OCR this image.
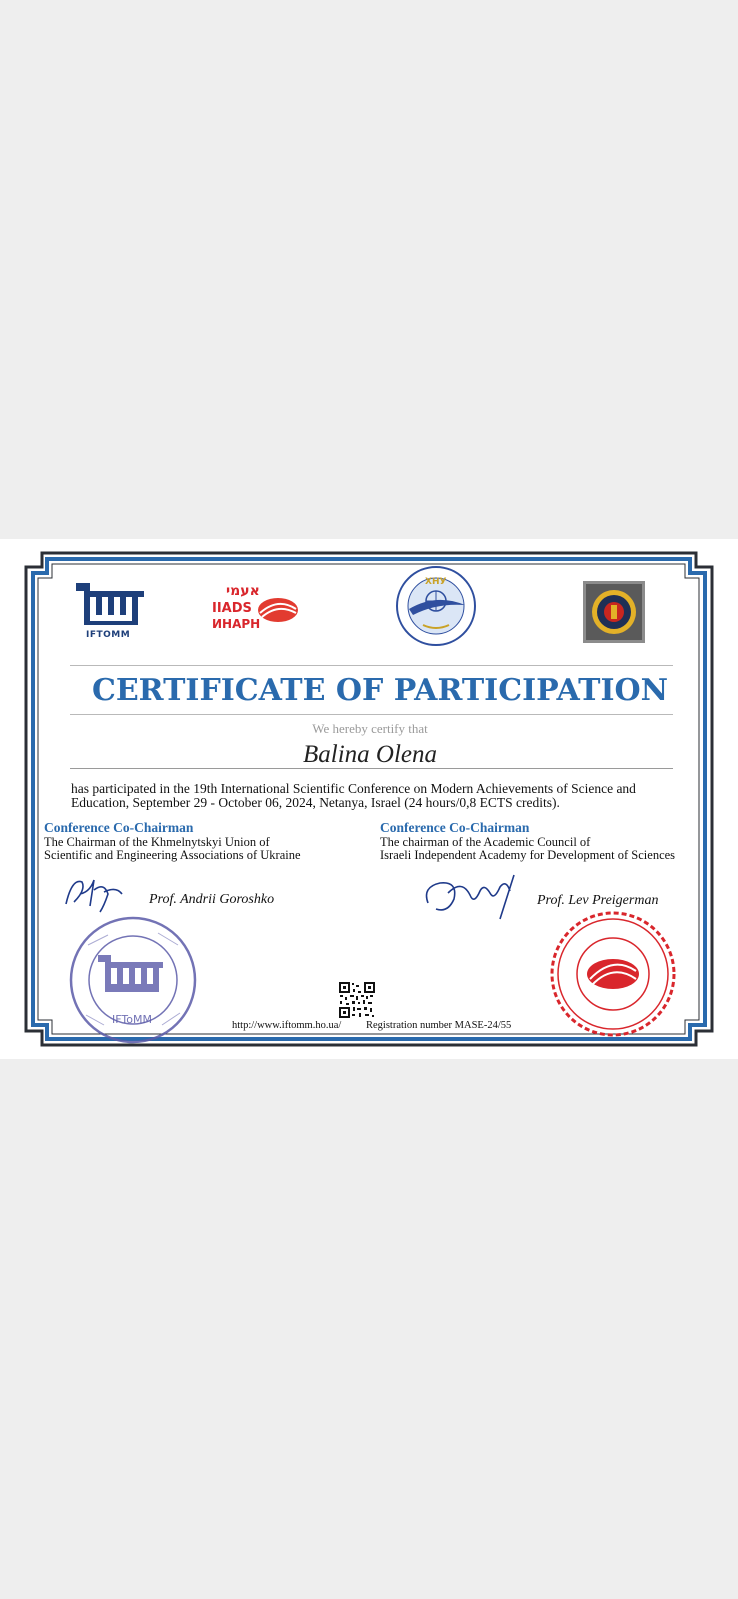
IFTOMM
אעמי
IIADS
ИНАРН
ХНУ
CERTIFICATE OF PARTICIPATION
We hereby certify that
Balina Olena
has participated in the 19th International Scientific Conference on Modern Achievements of Science and Education, September 29 - October 06, 2024, Netanya, Israel (24 hours/0,8 ECTS credits).
Conference Co-Chairman
The Chairman of the Khmelnytskyi Union of
Scientific and Engineering Associations of Ukraine
Prof. Andrii Goroshko
IFToMM
Conference Co-Chairman
The chairman of the Academic Council of
Israeli Independent Academy for Development of Sciences
Prof. Lev Preigerman
http://www.iftomm.ho.ua/ Registration number MASE-24/55
